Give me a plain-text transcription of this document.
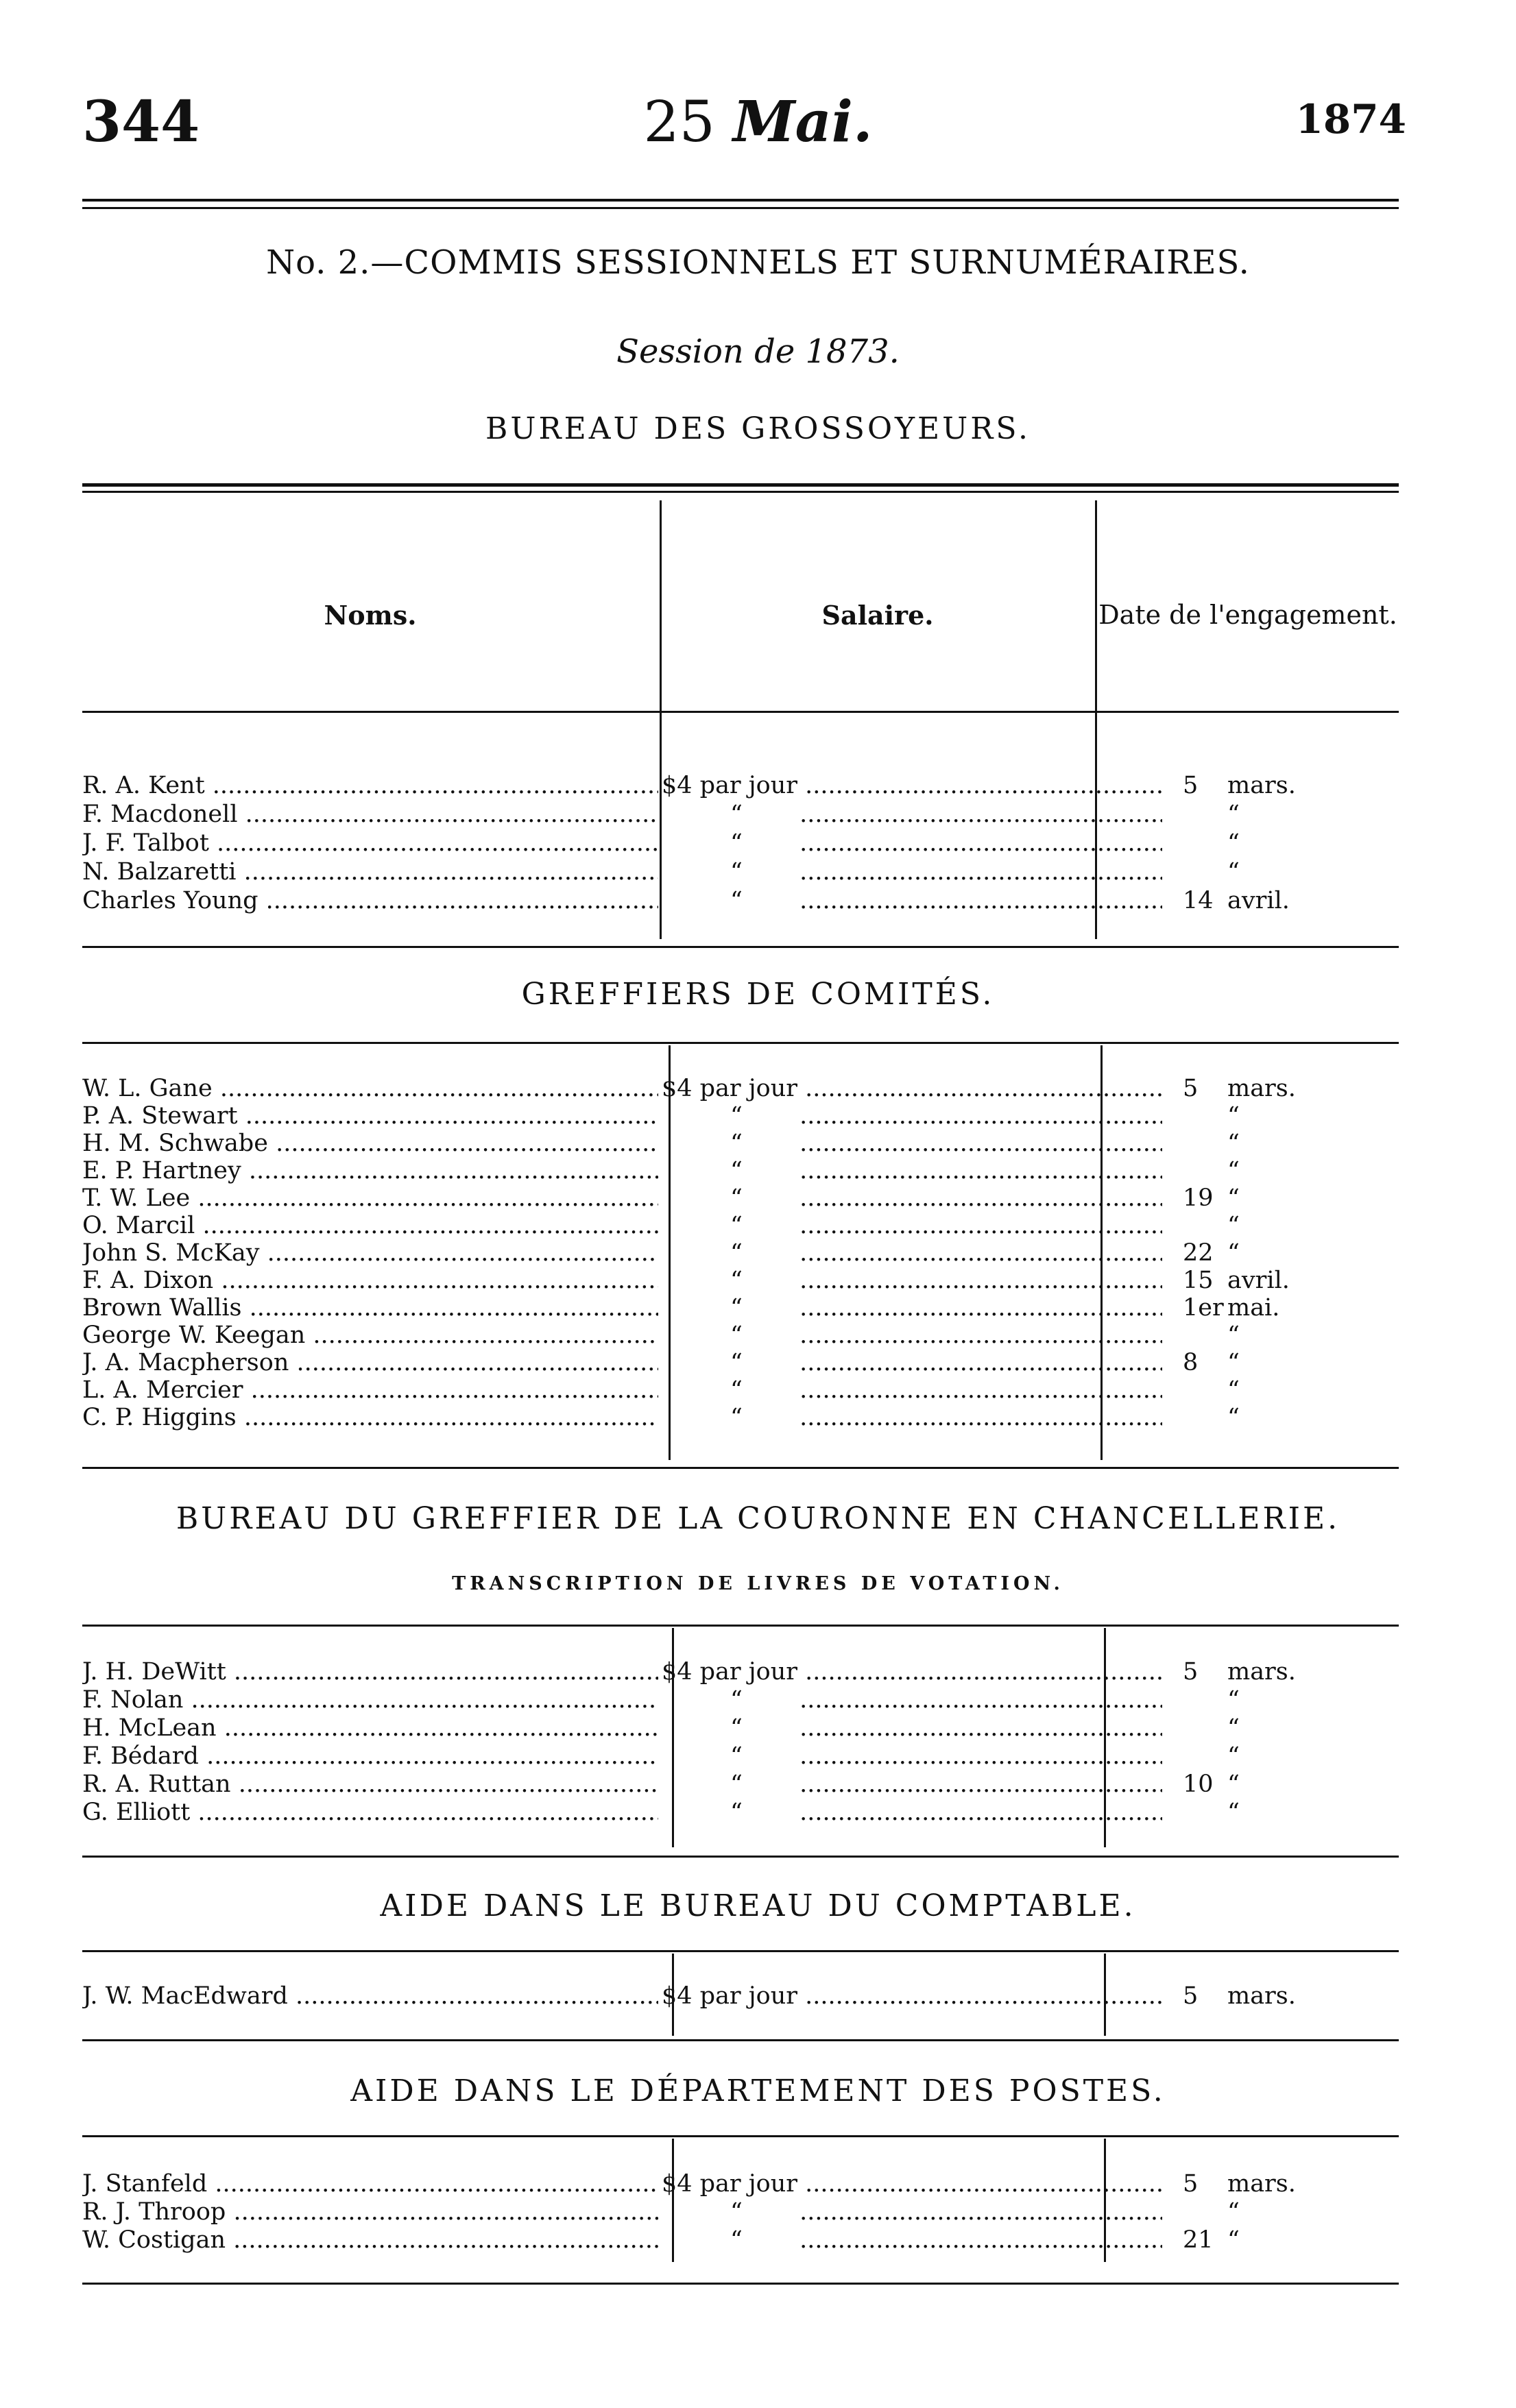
344	25 Mai.	1874
No. 2.—COMMIS SESSIONNELS ET SURNUMÉRAIRES.
Session de 1873.
BUREAU DES GROSSOYEURS.
Noms.	Salaire.	Date de l'engagement.
R. A. Kent .....	$4 par jour .....	5	mars.
F. Macdonell .....	“ .....	“
J. F. Talbot .....	“ .....	“
N. Balzaretti .....	“ .....	“
Charles Young .....	“ .....	14 avril.
GREFFIERS DE COMITÉS.
W. L. Gane .....	$4 par jour .....	5	mars.
P. A. Stewart .....	“ .....	“
H. M. Schwabe .....	“ .....	“
E. P. Hartney .....	“ .....	“
T. W. Lee .....	“ .....	19 “
O. Marcil .....	“ .....	“
John S. McKay .....	“ .....	22 “
F. A. Dixon .....	“ .....	15 avril.
Brown Wallis .....	“ .....	1er mai.
George W. Keegan .....	“ .....	“
J. A. Macpherson .....	“ .....	8	“
L. A. Mercier .....	“ .....	“
C. P. Higgins .....	“ .....	“
BUREAU DU GREFFIER DE LA COURONNE EN CHANCELLERIE.
TRANSCRIPTION DE LIVRES DE VOTATION.
J. H. DeWitt .....	$4 par jour .....	5	mars.
F. Nolan .....	“ .....	“
H. McLean .....	“ .....	“
F. Bédard .....	“ .....	“
R. A. Ruttan .....	“ .....	10 “
G. Elliott .....	“ .....	“
AIDE DANS LE BUREAU DU COMPTABLE.
J. W. MacEdward .....	$4 par jour .....	5	mars.
AIDE DANS LE DÉPARTEMENT DES POSTES.
J. Stanfeld .....	$4 par jour .....	5	mars.
R. J. Throop .....	“ .....	“
W. Costigan .....	“ .....	21 “
